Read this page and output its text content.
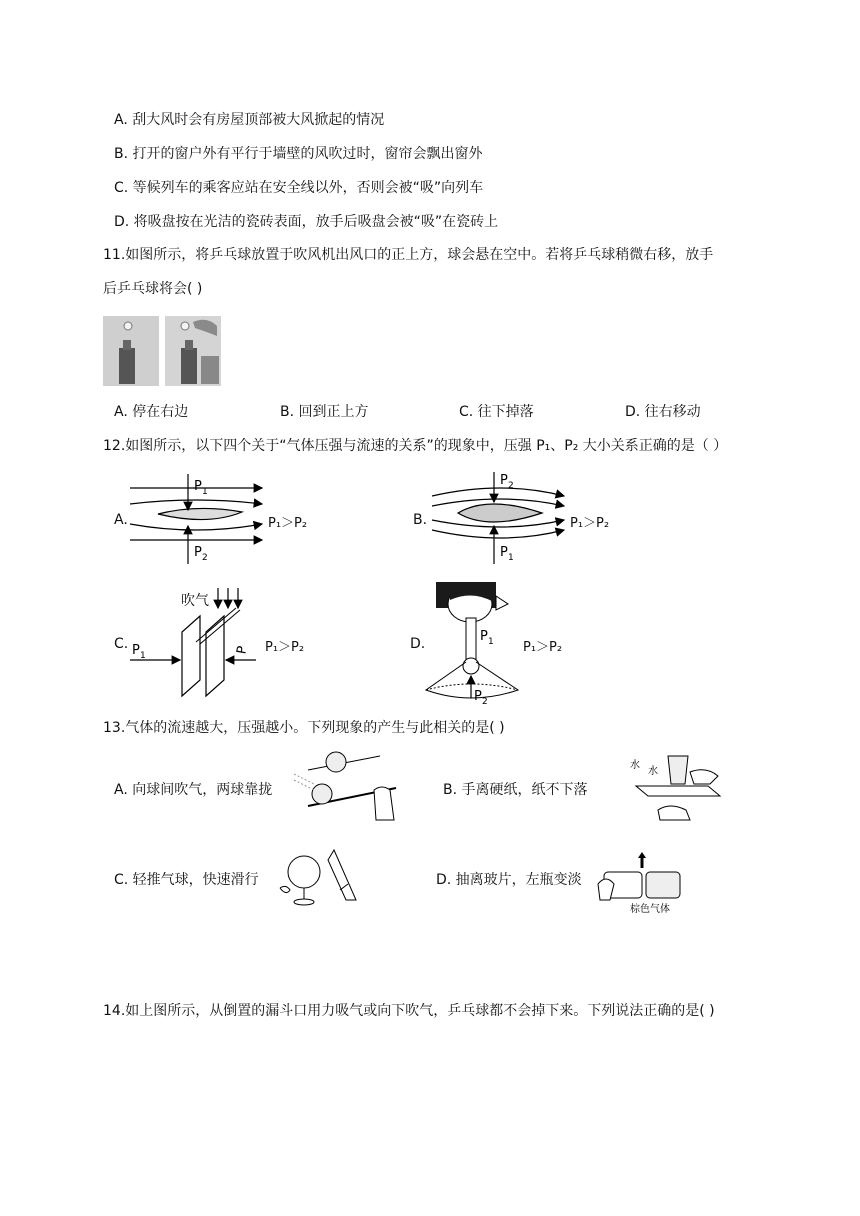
A. 刮大风时会有房屋顶部被大风掀起的情况
B. 打开的窗户外有平行于墙壁的风吹过时，窗帘会飘出窗外
C. 等候列车的乘客应站在安全线以外，否则会被“吸”向列车
D. 将吸盘按在光洁的瓷砖表面，放手后吸盘会被“吸”在瓷砖上
11.如图所示，将乒乓球放置于吹风机出风口的正上方，球会悬在空中。若将乒乓球稍微右移，放手
后乒乓球将会( )
A. 停在右边	B. 回到正上方	C. 往下掉落	D. 往右移动
12.如图所示，以下四个关于“气体压强与流速的关系”的现象中，压强 P₁、P₂ 大小关系正确的是（ ）
A.
P 1
P 2
P₁＞P₂	B.
P 2
P 1
P₁＞P₂
C.
吹气
P 1
P P₁＞P₂	D.	P 1
P 2
P₁＞P₂
13.气体的流速越大，压强越小。下列现象的产生与此相关的是( )
A. 向球间吹气，两球靠拢	B. 手离硬纸，纸不下落
水
水
C. 轻推气球，快速滑行	D. 抽离玻片，左瓶变淡
棕色气体
14.如上图所示，从倒置的漏斗口用力吸气或向下吹气，乒乓球都不会掉下来。下列说法正确的是( )
